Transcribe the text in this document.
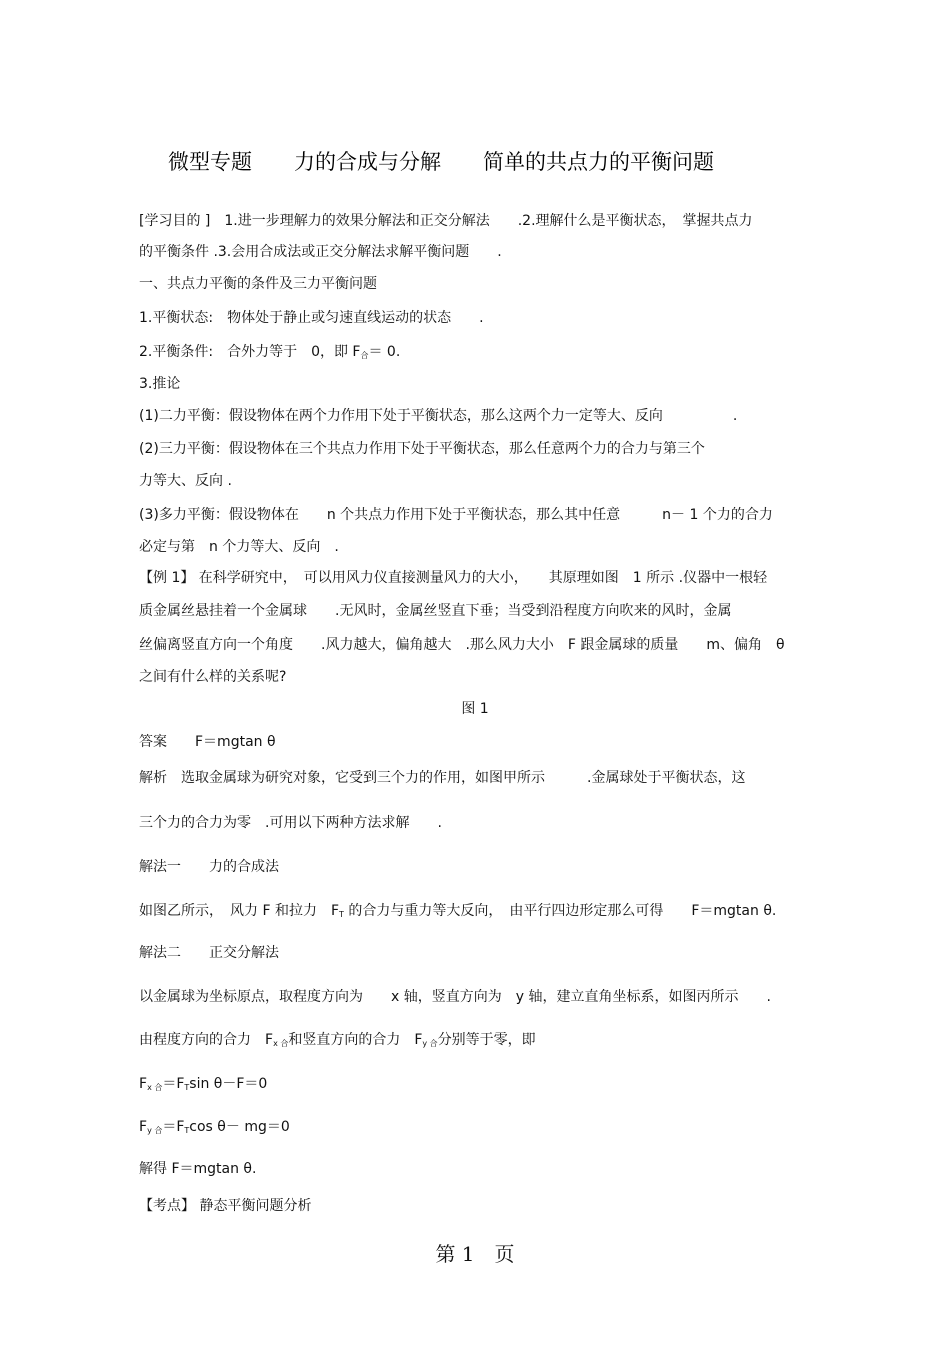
微型专题　　力的合成与分解　　简单的共点力的平衡问题
[学习目的 ]　1.进一步理解力的效果分解法和正交分解法　　.2.理解什么是平衡状态，　掌握共点力
的平衡条件 .3.会用合成法或正交分解法求解平衡问题　　.
一、共点力平衡的条件及三力平衡问题
1.平衡状态:　物体处于静止或匀速直线运动的状态　　.
2.平衡条件:　合外力等于　0，即 $F_合= 0$.
3.推论
(1)二力平衡：假设物体在两个力作用下处于平衡状态，那么这两个力一定等大、反向　　　　　.
(2)三力平衡：假设物体在三个共点力作用下处于平衡状态，那么任意两个力的合力与第三个
力等大、反向 .
(3)多力平衡：假设物体在　　n 个共点力作用下处于平衡状态，那么其中任意　　　n－ 1 个力的合力
必定与第　n 个力等大、反向　.
【例 1】 在科学研究中，　可以用风力仪直接测量风力的大小，　　其原理如图　1 所示 .仪器中一根轻
质金属丝悬挂着一个金属球　　.无风时，金属丝竖直下垂；当受到沿程度方向吹来的风时，金属
丝偏离竖直方向一个角度　　.风力越大，偏角越大　.那么风力大小　F 跟金属球的质量　　m、偏角　θ
之间有什么样的关系呢?
图 1
答案　　F＝mgtan θ
解析　选取金属球为研究对象，它受到三个力的作用，如图甲所示　　　.金属球处于平衡状态，这
三个力的合力为零　.可用以下两种方法求解　　.
解法一　　力的合成法
如图乙所示，　风力 F 和拉力　$F_T$ 的合力与重力等大反向，　由平行四边形定那么可得　　F＝mgtan θ.
解法二　　正交分解法
以金属球为坐标原点，取程度方向为　　x 轴，竖直方向为　y 轴，建立直角坐标系，如图丙所示　　.
由程度方向的合力　$F_{x 合}$和竖直方向的合力　$F_{y 合}$分别等于零，即
$F_{x 合}=F_T\sin$ θ－F＝0
$F_{y 合}=F_T\cos$ θ－ mg＝0
解得 F＝mgtan θ.
【考点】 静态平衡问题分析
第 1　页
